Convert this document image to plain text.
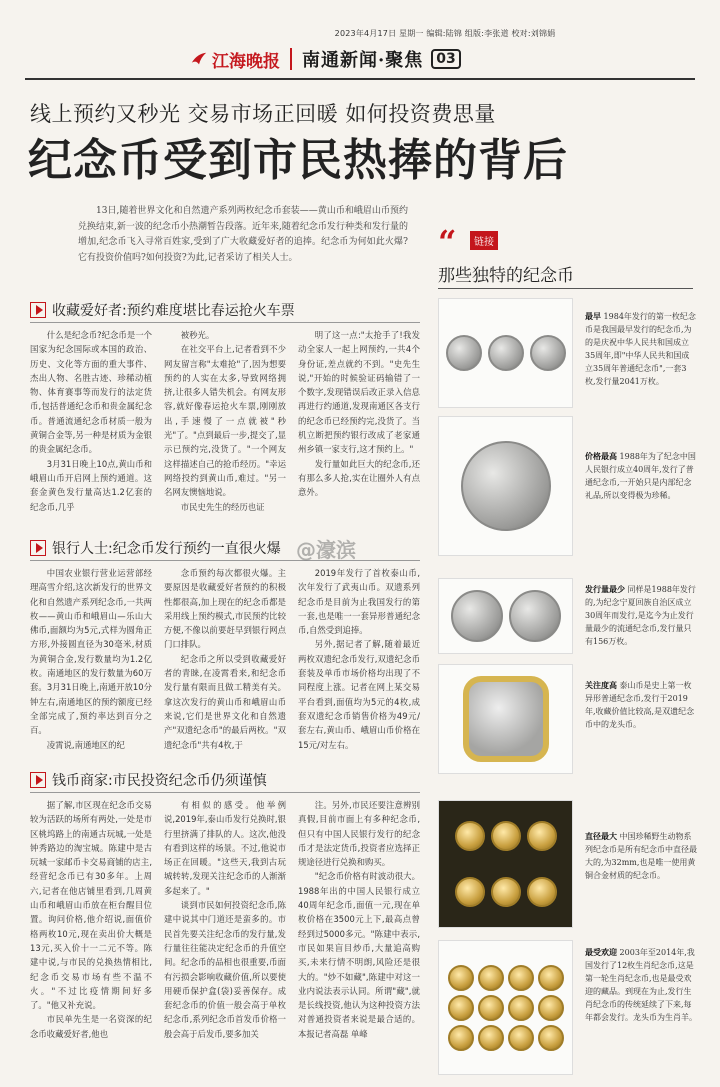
2023年4月17日 星期一 编辑:陆锦 组版:李张道 校对:刘锦娟
江海晚报 南通新闻·聚焦 03
线上预约又秒光 交易市场正回暖 如何投资费思量
纪念币受到市民热捧的背后
13日,随着世界文化和自然遗产系列两枚纪念币套装——黄山币和峨眉山币预约兑换结束,新一波的纪念币小热潮暂告段落。近年来,随着纪念币发行种类和发行量的增加,纪念币飞入寻常百姓家,受到了广大收藏爱好者的追捧。纪念币为何如此火爆?它有投资价值吗?如何投资?为此,记者采访了相关人士。
收藏爱好者:预约难度堪比春运抢火车票

什么是纪念币?纪念币是一个国家为纪念国际或本国的政治、历史、文化等方面的重大事件、杰出人物、名胜古迹、珍稀动植物、体育赛事等而发行的法定货币,包括普通纪念币和贵金属纪念币。普通流通纪念币材质一般为黄铜合金等,另一种是材质为金银的贵金属纪念币。

3月31日晚上10点,黄山币和峨眉山币开启网上预约通道。这套金黄色发行量高达1.2亿套的纪念币,几乎

被秒光。

在社交平台上,记者看到不少网友留言称"太难抢"了,因为想要预约的人实在太多,导致网络拥挤,让很多人错失机会。有网友形容,就好像春运抢火车票,刚刚放出,手速慢了一点就被"秒光"了。"点到最后一步,提交了,显示已预约完,没货了。"一个网友这样描述自己的抢币经历。"幸运网络投约到黄山币,难过。"另一名网友懊恼地说。

市民史先生的经历也证

明了这一点:"太抢手了!我发动全家人一起上网预约,一共4个身份证,差点就约不到。"史先生说,"开始的时候验证码输错了一个数字,发现错误后改正录入信息再进行约通道,发现南通区各支行的纪念币已经预约完,没货了。当机立断把预约银行改成了老家通州乡镇一家支行,这才预约上。"

发行量如此巨大的纪念币,还有那么多人抢,实在让圈外人有点意外。

银行人士:纪念币发行预约一直很火爆

中国农业银行营业运营部经理高雪介绍,这次新发行的世界文化和自然遗产系列纪念币,一共两枚——黄山币和峨眉山—乐山大佛币,面额均为5元,式样为圆角正方形,外接圆直径为30毫米,材质为黄铜合金,发行数量均为1.2亿枚。南通地区的发行数量为60万套。3月31日晚上,南通开放10分钟左右,南通地区的预约额度已经全部完成了,预约率达到百分之百。

凌霄说,南通地区的纪

念币预约每次都很火爆。主要原因是收藏爱好者预约的积极性都很高,加上现在的纪念币都是采用线上预约模式,市民预约比较方便,不像以前要赶早到银行网点门口排队。

纪念币之所以受到收藏爱好者的青睐,在凌霄看来,和纪念币发行量有限而且做工精美有关。拿这次发行的黄山币和峨眉山币来说,它们是世界文化和自然遗产"双遗纪念币"的最后两枚。"双遗纪念币"共有4枚,于

2019年发行了首枚泰山币,次年发行了武夷山币。双遗系列纪念币是目前为止我国发行的第一套,也是唯一一套异形普通纪念币,自然受到追捧。

另外,据记者了解,随着最近两枚双遗纪念币发行,双遗纪念币套装及单币市场价格均出现了不同程度上涨。记者在网上某交易平台看到,面值均为5元的4枚,成套双遗纪念币销售价格为49元/套左右,黄山币、峨眉山币价格在15元/对左右。

钱币商家:市民投资纪念币仍须谨慎

据了解,市区现在纪念币交易较为活跃的场所有两处,一处是市区桃坞路上的南通古玩城,一处是钟秀路边的淘宝城。陈建中是古玩城一家邮币卡交易商铺的店主,经营纪念币已有30多年。上周六,记者在他店铺里看到,几周黄山币和峨眉山币放在柜台醒目位置。询问价格,他介绍说,面值价格两枚10元,现在卖出价大概是13元,买入价十一二元不等。陈建中说,与市民的兑换热情相比,纪念币交易市场有些不温不火。"不过比疫情期间好多了。"他又补充说。

市民单先生是一名资深的纪念币收藏爱好者,他也

有相似的感受。他举例说,2019年,泰山币发行兑换时,银行里挤满了排队的人。这次,他没有看到这样的场景。不过,他说市场正在回暖。"这些天,我到古玩城转转,发现关注纪念币的人渐渐多起来了。"

谈到市民如何投资纪念币,陈建中说其中门道还是蛮多的。市民首先要关注纪念币的发行量,发行量往往能决定纪念币的升值空间。纪念币的品相也很重要,币面有污损会影响收藏价值,所以要使用硬币保护盒(袋)妥善保存。成套纪念币的价值一般会高于单枚纪念币,系列纪念币首发币价格一般会高于后发币,要多加关

注。另外,市民还要注意辨别真假,目前市面上有多种纪念币,但只有中国人民银行发行的纪念币才是法定货币,投资者应选择正规途径进行兑换和购买。

"纪念币价格有时波动很大。1988年出的中国人民银行成立40周年纪念币,面值一元,现在单枚价格在3500元上下,最高点曾经到过5000多元。"陈建中表示,市民如果盲目炒币,大量追高购买,未来行情不明朗,风险还是很大的。"炒不如藏",陈建中对这一业内说法表示认同。所谓"藏",就是长线投资,他认为这种投资方法对普通投资者来说是最合适的。本报记者高磊 单峰

@濠滨
“	链接
那些独特的纪念币
最早 1984年发行的第一枚纪念币是我国最早发行的纪念币,为的是庆祝中华人民共和国成立35周年,即"中华人民共和国成立35周年普通纪念币",一套3枚,发行量2041万枚。
价格最高 1988年为了纪念中国人民银行成立40周年,发行了普通纪念币,一开始只是内部纪念礼品,所以变得极为珍稀。
发行量最少 同样是1988年发行的,为纪念宁夏回族自治区成立30周年而发行,是迄今为止发行量最少的流通纪念币,发行量只有156万枚。
关注度高 泰山币是史上第一枚异形普通纪念币,发行于2019年,收藏价值比较高,是双遗纪念币中的龙头币。
直径最大 中国珍稀野生动物系列纪念币是所有纪念币中直径最大的,为32mm,也是唯一使用黄铜合金材质的纪念币。
最受欢迎 2003年至2014年,我国发行了12枚生肖纪念币,这是第一轮生肖纪念币,也是最受欢迎的藏品。到现在为止,发行生肖纪念币的传统延续了下来,每年都会发行。龙头币为生肖羊。
